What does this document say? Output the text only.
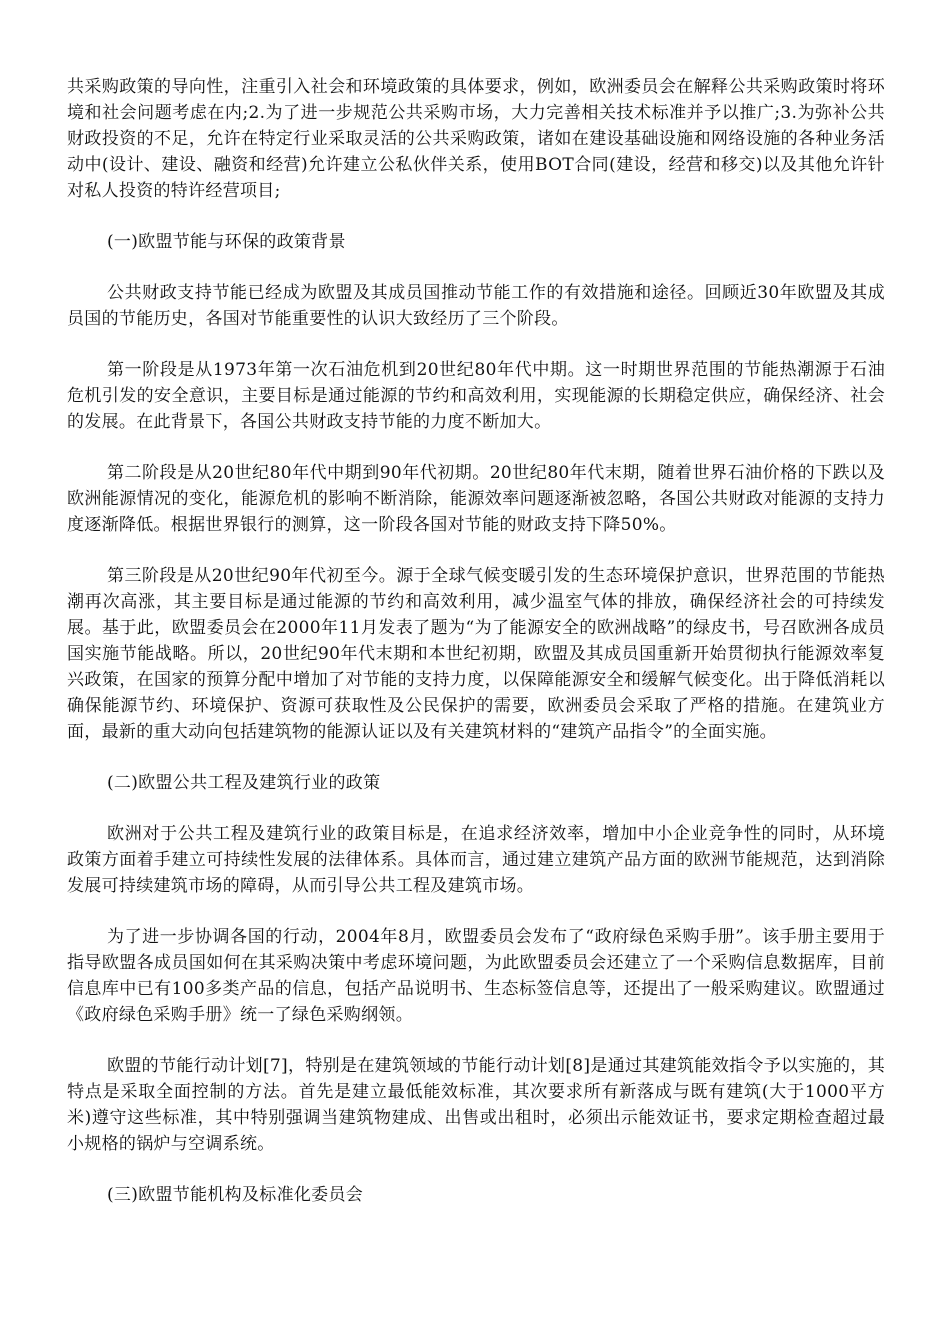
共采购政策的导向性，注重引入社会和环境政策的具体要求，例如，欧洲委员会在解释公共采购政策时将环境和社会问题考虑在内;2.为了进一步规范公共采购市场，大力完善相关技术标准并予以推广;3.为弥补公共财政投资的不足，允许在特定行业采取灵活的公共采购政策，诸如在建设基础设施和网络设施的各种业务活动中(设计、建设、融资和经营)允许建立公私伙伴关系，使用BOT合同(建设，经营和移交)以及其他允许针对私人投资的特许经营项目;

(一)欧盟节能与环保的政策背景

公共财政支持节能已经成为欧盟及其成员国推动节能工作的有效措施和途径。回顾近30年欧盟及其成员国的节能历史，各国对节能重要性的认识大致经历了三个阶段。

第一阶段是从1973年第一次石油危机到20世纪80年代中期。这一时期世界范围的节能热潮源于石油危机引发的安全意识，主要目标是通过能源的节约和高效利用，实现能源的长期稳定供应，确保经济、社会的发展。在此背景下，各国公共财政支持节能的力度不断加大。

第二阶段是从20世纪80年代中期到90年代初期。20世纪80年代末期，随着世界石油价格的下跌以及欧洲能源情况的变化，能源危机的影响不断消除，能源效率问题逐渐被忽略，各国公共财政对能源的支持力度逐渐降低。根据世界银行的测算，这一阶段各国对节能的财政支持下降50%。

第三阶段是从20世纪90年代初至今。源于全球气候变暖引发的生态环境保护意识，世界范围的节能热潮再次高涨，其主要目标是通过能源的节约和高效利用，减少温室气体的排放，确保经济社会的可持续发展。基于此，欧盟委员会在2000年11月发表了题为“为了能源安全的欧洲战略”的绿皮书，号召欧洲各成员国实施节能战略。所以，20世纪90年代末期和本世纪初期，欧盟及其成员国重新开始贯彻执行能源效率复兴政策，在国家的预算分配中增加了对节能的支持力度，以保障能源安全和缓解气候变化。出于降低消耗以确保能源节约、环境保护、资源可获取性及公民保护的需要，欧洲委员会采取了严格的措施。在建筑业方面，最新的重大动向包括建筑物的能源认证以及有关建筑材料的“建筑产品指令”的全面实施。

(二)欧盟公共工程及建筑行业的政策

欧洲对于公共工程及建筑行业的政策目标是，在追求经济效率，增加中小企业竞争性的同时，从环境政策方面着手建立可持续性发展的法律体系。具体而言，通过建立建筑产品方面的欧洲节能规范，达到消除发展可持续建筑市场的障碍，从而引导公共工程及建筑市场。

为了进一步协调各国的行动，2004年8月，欧盟委员会发布了“政府绿色采购手册”。该手册主要用于指导欧盟各成员国如何在其采购决策中考虑环境问题，为此欧盟委员会还建立了一个采购信息数据库，目前信息库中已有100多类产品的信息，包括产品说明书、生态标签信息等，还提出了一般采购建议。欧盟通过《政府绿色采购手册》统一了绿色采购纲领。

欧盟的节能行动计划[7]，特别是在建筑领域的节能行动计划[8]是通过其建筑能效指令予以实施的，其特点是采取全面控制的方法。首先是建立最低能效标准，其次要求所有新落成与既有建筑(大于1000平方米)遵守这些标准，其中特别强调当建筑物建成、出售或出租时，必须出示能效证书，要求定期检查超过最小规格的锅炉与空调系统。

(三)欧盟节能机构及标准化委员会
